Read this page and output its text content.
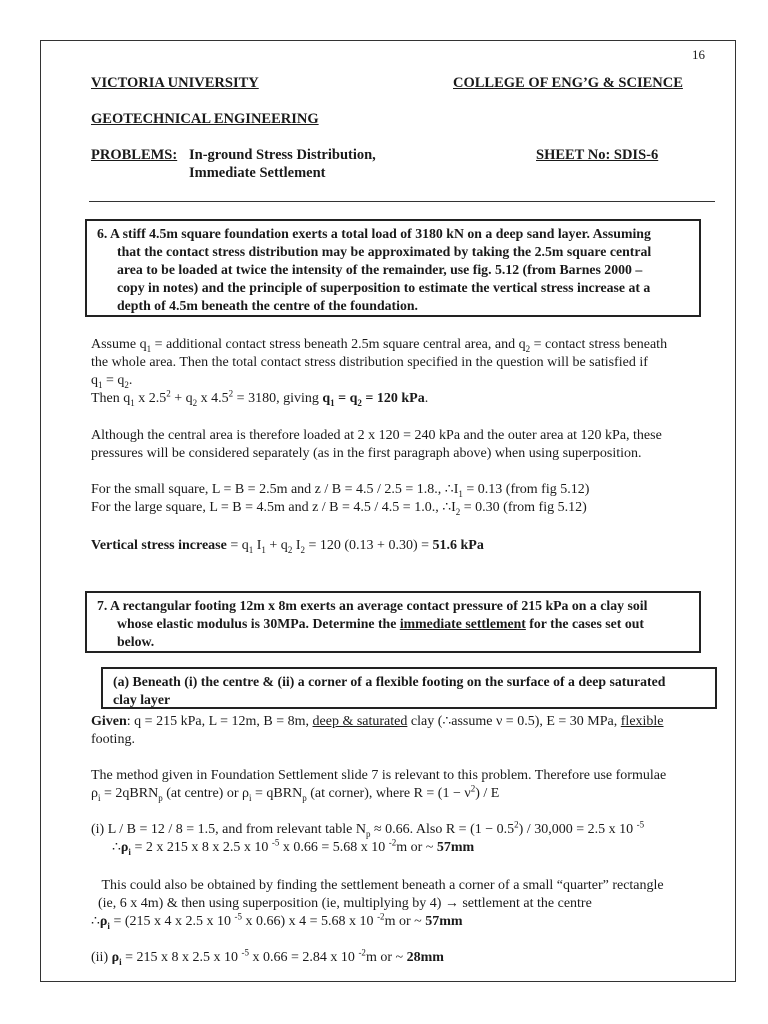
16
VICTORIA UNIVERSITY	COLLEGE OF ENG’G & SCIENCE
GEOTECHNICAL ENGINEERING
PROBLEMS: In-ground Stress Distribution,
Immediate Settlement
SHEET No: SDIS-6
6. A stiff 4.5m square foundation exerts a total load of 3180 kN on a deep sand layer. Assuming
that the contact stress distribution may be approximated by taking the 2.5m square central
area to be loaded at twice the intensity of the remainder, use fig. 5.12 (from Barnes 2000 –
copy in notes) and the principle of superposition to estimate the vertical stress increase at a
depth of 4.5m beneath the centre of the foundation.
Assume $q_1$ = additional contact stress beneath 2.5m square central area, and $q_2$ = contact stress beneath
the whole area. Then the total contact stress distribution specified in the question will be satisfied if
$q_1 = q_2$.
Then $q_1$ x $2.5^2 + q_2$ x $4.5^2 = 3180$, giving $q_1 = q_2 = 120$ kPa.
Although the central area is therefore loaded at 2 x 120 = 240 kPa and the outer area at 120 kPa, these
pressures will be considered separately (as in the first paragraph above) when using superposition.
For the small square, L = B = 2.5m and z / B = 4.5 / 2.5 = 1.8., $\therefore I_1 = 0.13$ (from fig 5.12)
For the large square, L = B = 4.5m and z / B = 4.5 / 4.5 = 1.0., $\therefore I_2 = 0.30$ (from fig 5.12)
Vertical stress increase = $q_1$ $I_1 + q_2$ $I_2 = 120$ (0.13 + 0.30) = 51.6 kPa
7. A rectangular footing 12m x 8m exerts an average contact pressure of 215 kPa on a clay soil
whose elastic modulus is 30MPa. Determine the immediate settlement for the cases set out
below.
(a) Beneath (i) the centre & (ii) a corner of a flexible footing on the surface of a deep saturated
clay layer
Given: q = 215 kPa, L = 12m, B = 8m, deep & saturated clay (∴assume ν = 0.5), E = 30 MPa, flexible
footing.
The method given in Foundation Settlement slide 7 is relevant to this problem. Therefore use formulae
$\rho_i$ = 2qBRN$_p$ (at centre) or $\rho_i$ = qBRN$_p$ (at corner), where $R = (1 - \nu^2) / E$
(i) L / B = 12 / 8 = 1.5, and from relevant table $N_p \approx 0.66$. Also $R = (1 - 0.5^2) / 30,000 = 2.5$ x 10 $^{-5}$
$\therefore\rho_i = 2$ x 215 x 8 x 2.5 x 10 $^{-5}$ x 0.66 = 5.68 x 10 $^{-2}$m or ~ 57mm
This could also be obtained by finding the settlement beneath a corner of a small “quarter” rectangle
(ie, 6 x 4m) & then using superposition (ie, multiplying by 4) → settlement at the centre
$\therefore\rho_i = (215$ x 4 x 2.5 x 10 $^{-5}$ x 0.66) x 4 = 5.68 x 10 $^{-2}$m or ~ 57mm
(ii) $\rho_i = 215$ x 8 x 2.5 x 10 $^{-5}$ x 0.66 = 2.84 x 10 $^{-2}$m or ~ 28mm
